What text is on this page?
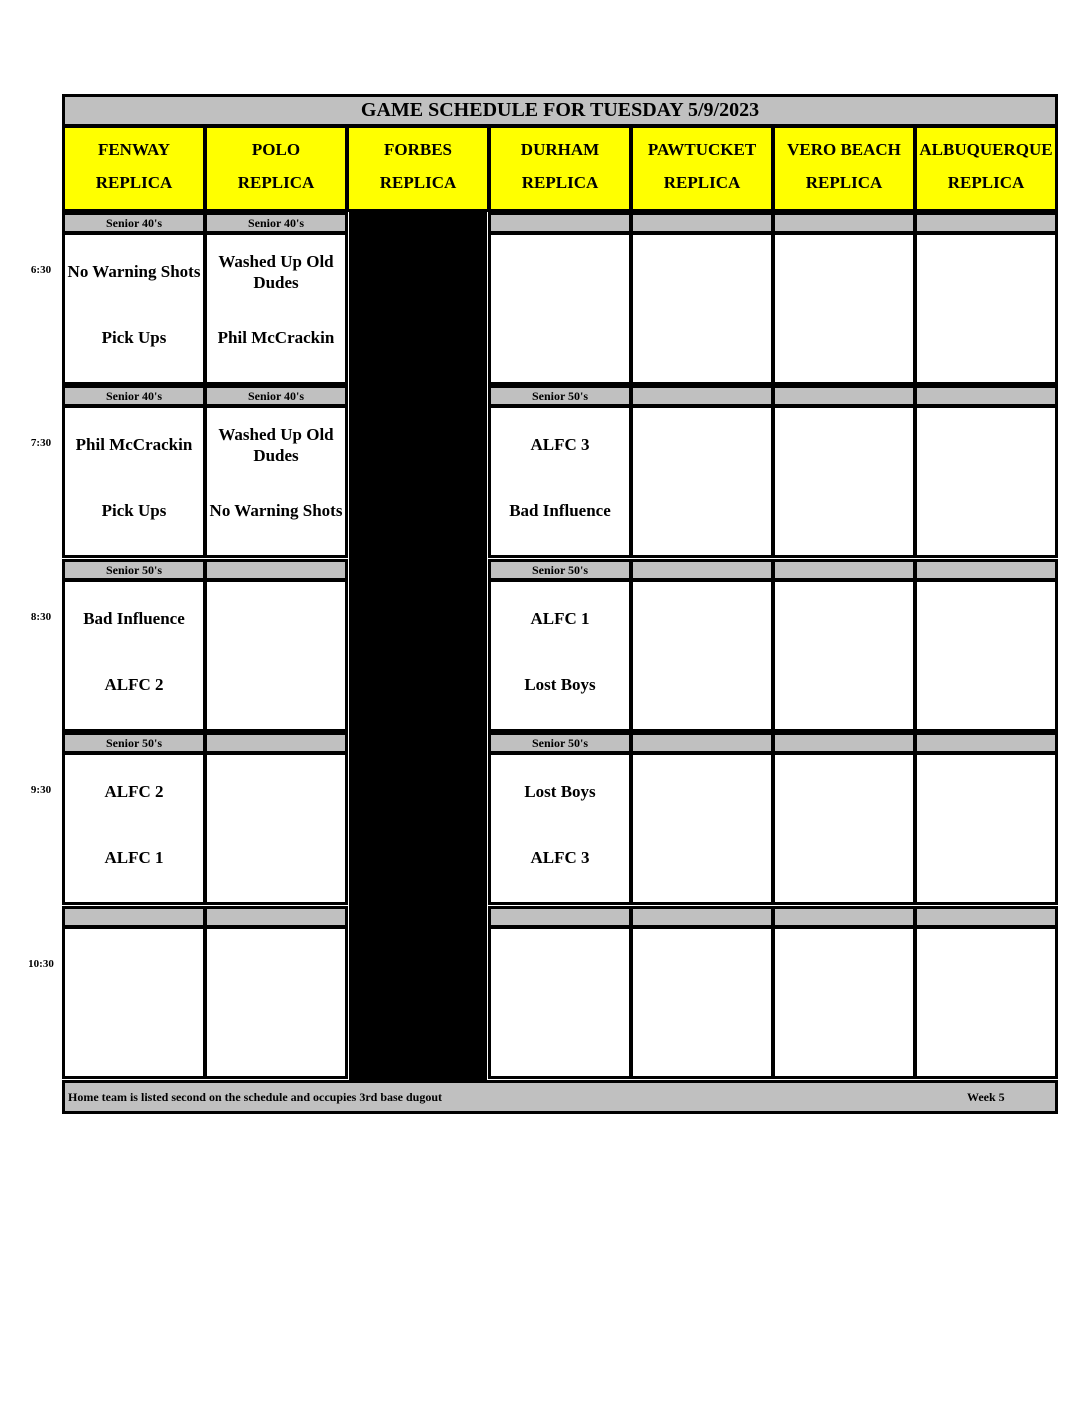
GAME SCHEDULE FOR TUESDAY 5/9/2023
FENWAY
REPLICA
POLO
REPLICA
FORBES
REPLICA
DURHAM
REPLICA
PAWTUCKET
REPLICA
VERO BEACH
REPLICA
ALBUQUERQUE
REPLICA
Senior 40's
No Warning Shots
Pick Ups
Senior 40's
Washed Up Old Dudes
Phil McCrackin
Senior 40's
Phil McCrackin
Pick Ups
Senior 40's
Washed Up Old Dudes
No Warning Shots
Senior 50's
ALFC 3
Bad Influence
Senior 50's
Bad Influence
ALFC 2
Senior 50's
ALFC 1
Lost Boys
Senior 50's
ALFC 2
ALFC 1
Senior 50's
Lost Boys
ALFC 3
Home team is listed second on the schedule and occupies 3rd base dugout	Week 5
6:30
7:30
8:30
9:30
10:30
